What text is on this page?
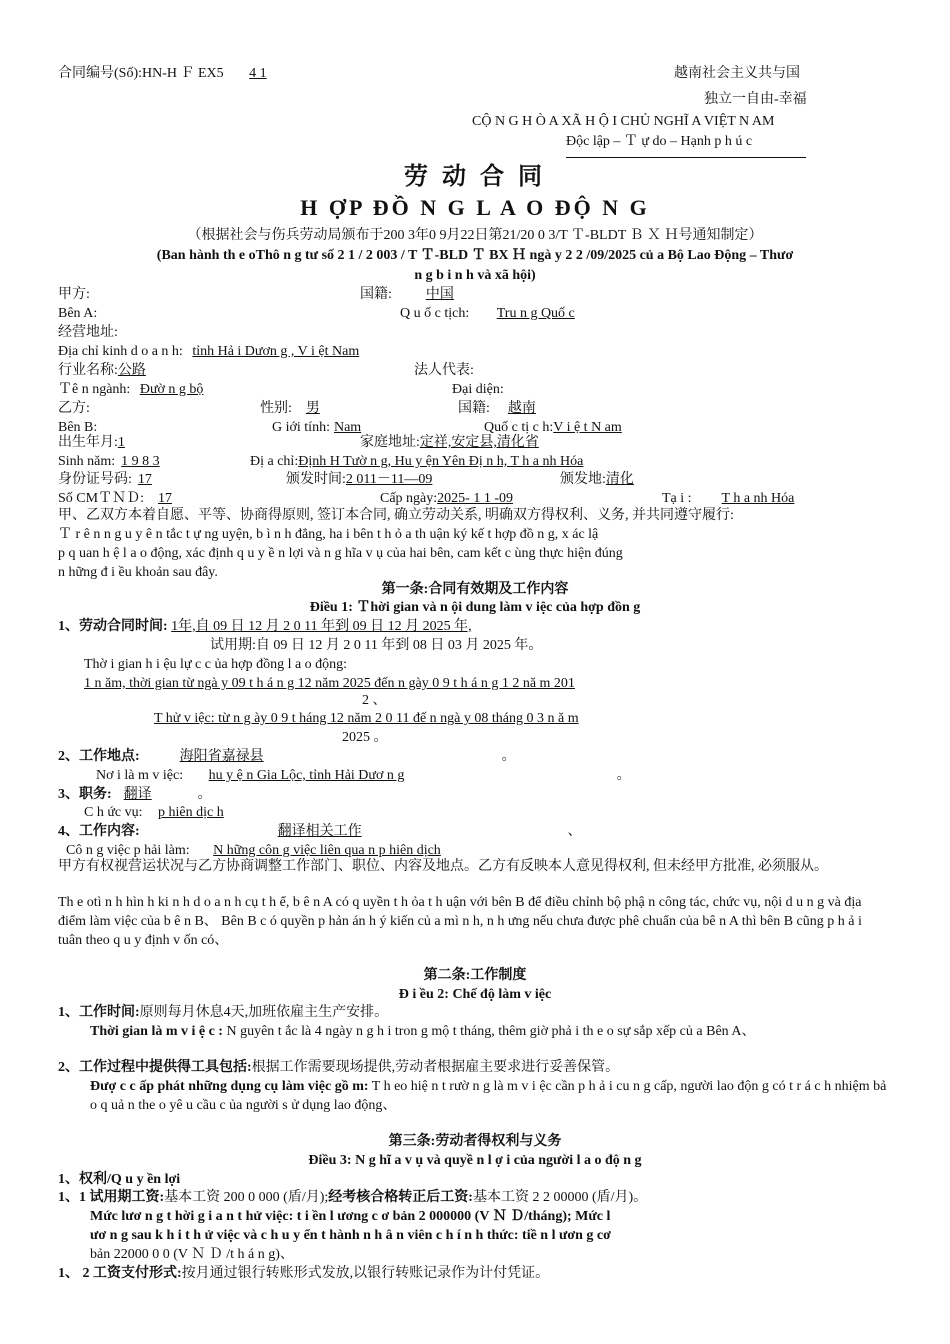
合同编号(Số):HN-H Ｆ EX5 4 1	越南社会主义共与国
独立一自由-幸福
CỘ N G H Ò A XÃ H Ộ I CHỦ NGHĨ A VIỆT N AM
Độc lập – Ｔ ự do – Hạnh p h ú c
劳 动 合 同
H ỢP ĐỒ N G L A O ĐỘ N G
（根据社会与伤兵劳动局颁布于200 3年0 9月22日第21/20 0 3/T Ｔ-BLDT Ｂ Ｘ Ｈ号通知制定）
(Ban hành th e oThô n g tư số 2 1 / 2 003 / T Ｔ-BLD Ｔ BX Ｈ ngà y 2 2 /09/2025 củ a Bộ Lao Động – Thươ
n g b i n h và xã hội)
甲方:	国籍: 中国
Bên A:	Q u ố c tịch: Tru n g Quố c
经营地址:
Địa chỉ kinh d o a n h: tỉnh Hả i Dươn g , V i ệt Nam
行业名称:公路	法人代表:
Ｔê n ngành: Đườ n g bộ	Đại diện:
乙方:	性别: 男	国籍: 越南
Bên B:	G iới tính: Nam	Quố c tị c h:V i ệ t N am
出生年月:1	家庭地址:定祥,安定县,清化省
Sinh năm: 1 9 8 3	Đị a chỉ:Định H Tườ n g, Hu y ện Yên Đị n h, T h a nh Hóa
身份证号码: 17	颁发时间:2 011－11—09	颁发地:清化
Số CMＴＮＤ: 17	Cấp ngày:2025- 1 1 -09	Tạ i : T h a nh Hóa
甲、乙双方本着自愿、平等、协商得原则, 签订本合同, 确立劳动关系, 明确双方得权利、义务, 并共同遵守履行:
Ｔ r ê n n g u y ê n tắc t ự ng uyện, b ì n h đẳng, ha i bên t h ỏ a th uận ký kế t hợp đồ n g, x ác lậ
p q uan h ệ l a o động, xác định q u y ề n lợi và n g hĩa v ụ của hai bên, cam kết c ùng thực hiện đúng
n hững đ i ều khoản sau đây.
第一条:合同有效期及工作内容
Điều 1: Ｔhời gian và n ội dung làm v iệc của hợp đồn g
1、劳动合同时间: 1年,自 09 日 12 月 2 0 11 年到 09 日 12 月 2025 年,
试用期:自 09 日 12 月 2 0 11 年到 08 日 03 月 2025 年。
Thờ i gian h i ệu lự c c ủa hợp đồng l a o động:
1 n ăm, thời gian từ ngà y 09 t h á n g 12 năm 2025 đến n gày 0 9 t h á n g 1 2 nă m 201
2 、
T hử v iệc: từ n g ày 0 9 t háng 12 năm 2 0 11 đế n ngà y 08 tháng 0 3 n ă m
2025 。
2、工作地点:	海阳省嘉禄县	。
Nơ i là m v iệc: hu y ệ n Gia Lộc, tỉnh Hải Dươ n g	。
3、职务: 翻译	。
C h ức vụ: p hiên dịc h
4、工作内容:	翻译相关工作	、
Cô n g việc p hải làm: N hững côn g việc liên qua n p hiên dịch
甲方有权视营运状况与乙方协商调整工作部门、职位、内容及地点。乙方有反映本人意见得权利, 但未经甲方批准, 必须服从。
Th e otì n h hìn h ki n h d o a n h cụ t h ể, b ê n A có q uyền t h ỏa t h uận với bên B để điều chỉnh bộ phậ n công tác, chức vụ, nội d u n g và địa điểm làm việc của b ê n B、 Bên B c ó quyền p hản án h ý kiến củ a mì n h, n h ưng nếu chưa được phê chuẩn của bê n A thì bên B cũng p h ả i tuân theo q u y định v ốn có、
第二条:工作制度
Đ i ều 2: Chế độ làm v iệc
1、工作时间:原则每月休息4天,加班依雇主生产安排。
Thời gian là m v i ệ c : N guyên t ắc là 4 ngày n g h i tron g mộ t tháng, thêm giờ phả i th e o sự sắp xếp củ a Bên A、
2、工作过程中提供得工具包括:根据工作需要现场提供,劳动者根据雇主要求进行妥善保管。
Đượ c c ấp phát những dụng cụ làm việc gồ m: T h eo hiệ n t rườ n g là m v i ệc cần p h ả i cu n g cấp, người lao độn g có t r á c h nhiệm bả o q uả n the o yê u cầu c ủa người s ử dụng lao động、
第三条:劳动者得权利与义务
Điều 3: N g hĩ a v ụ và quyề n l ợ i của người l a o độ n g
1、权利/Q u y ền lợi
1、1 试用期工资:基本工资 200 0 000 (盾/月);经考核合格转正后工资:基本工资 2 2 00000 (盾/月)。
Mức lươ n g t hời g i a n t hử việc: t i ền l ương c ơ bản 2 000000 (V Ｎ Ｄ/tháng); Mức l
ươ n g sau k h i t h ử việc và c h u y ển t hành n h â n viên c h í n h thức: tiề n l ươn g cơ
bản 22000 0 0 (V Ｎ Ｄ /t h á n g)、
1、 2 工资支付形式:按月通过银行转账形式发放,以银行转账记录作为计付凭证。
